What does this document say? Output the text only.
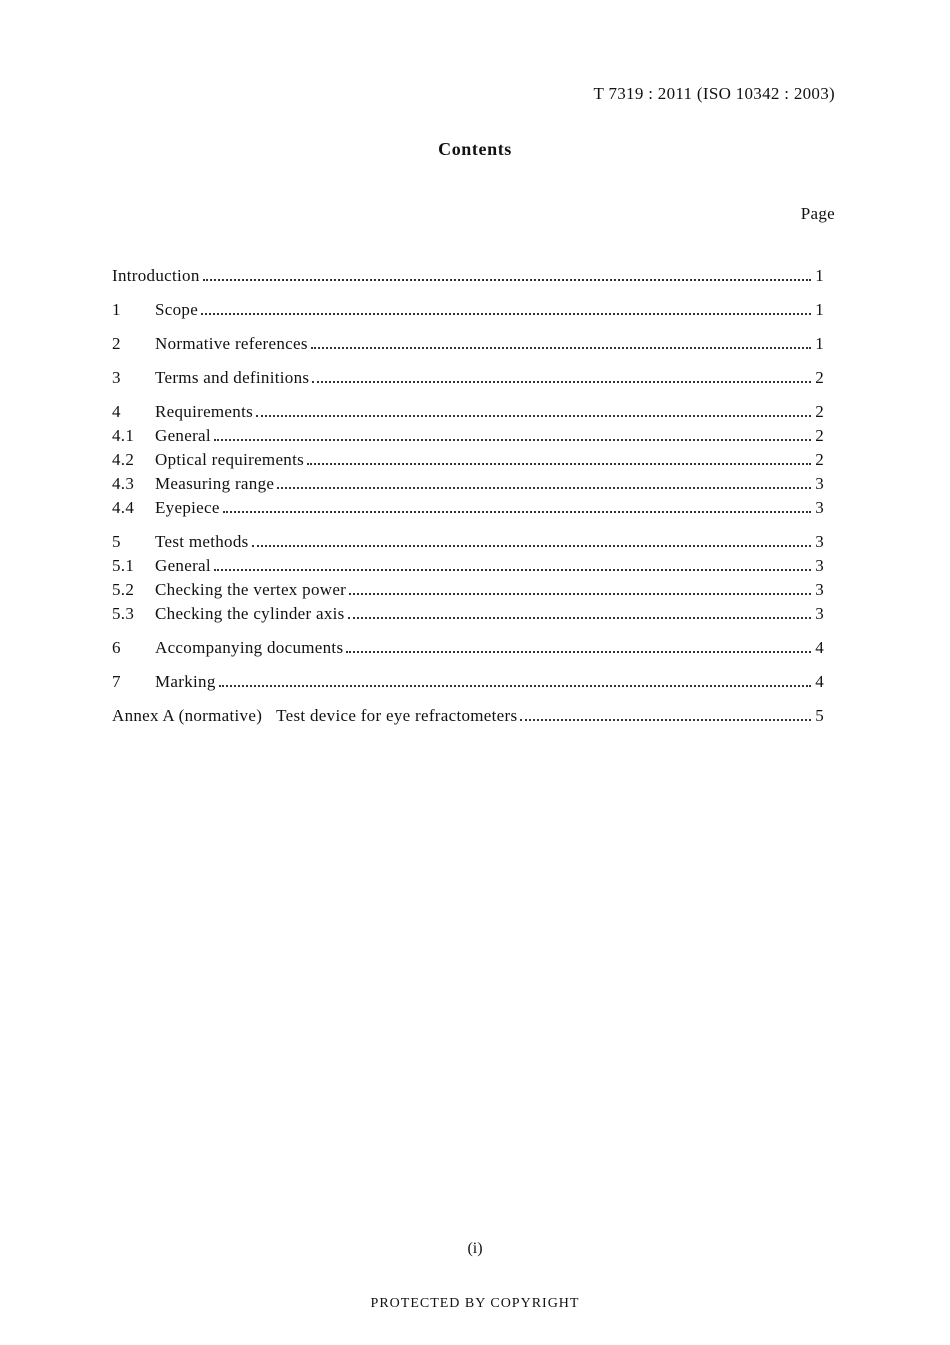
T 7319 : 2011 (ISO 10342 : 2003)
Contents
Page
Introduction	1
1	Scope	1
2	Normative references	1
3	Terms and definitions	2
4	Requirements	2
4.1	General	2
4.2	Optical requirements	2
4.3	Measuring range	3
4.4	Eyepiece	3
5	Test methods	3
5.1	General	3
5.2	Checking the vertex power	3
5.3	Checking the cylinder axis	3
6	Accompanying documents	4
7	Marking	4
Annex A (normative) Test device for eye refractometers	5
(i)
PROTECTED BY COPYRIGHT
